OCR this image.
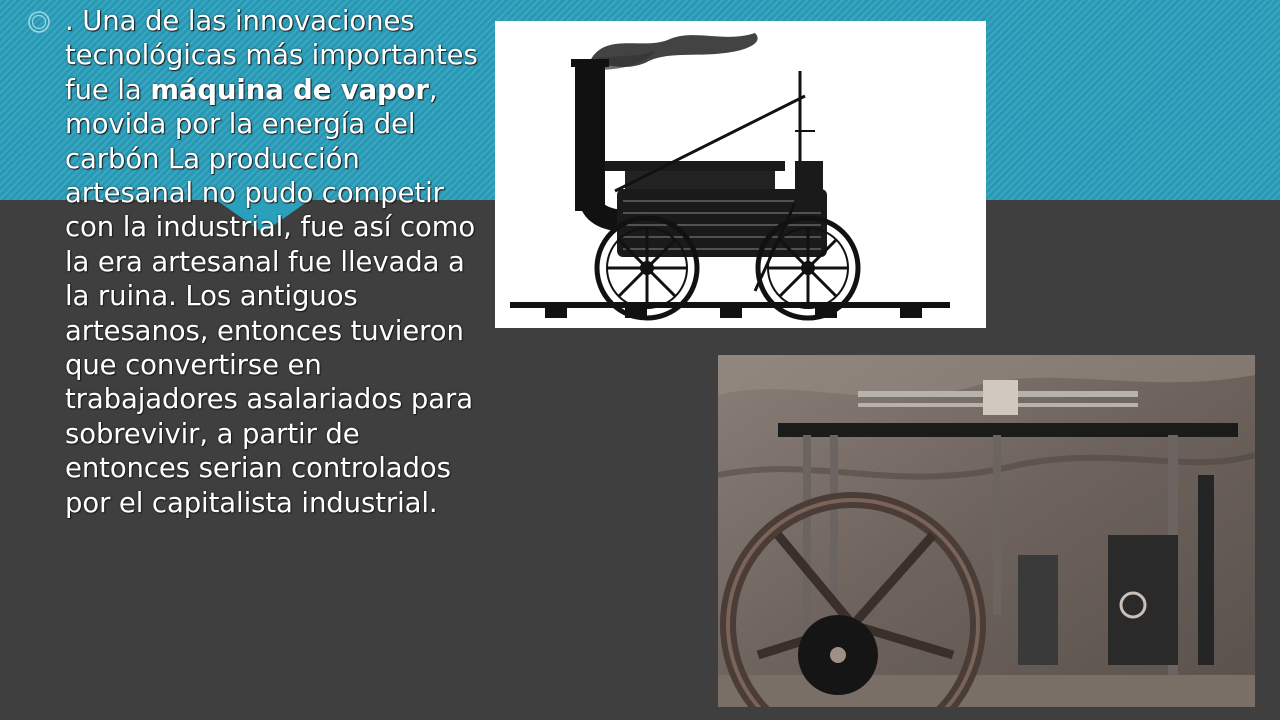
. Una de las innovaciones tecnológicas más importantes fue la máquina de vapor, movida por la energía del carbón La producción artesanal no pudo competir con la industrial, fue así como la era artesanal fue llevada a la ruina. Los antiguos artesanos, entonces tuvieron que convertirse en trabajadores asalariados para sobrevivir, a partir de entonces serian controlados por el capitalista industrial.
